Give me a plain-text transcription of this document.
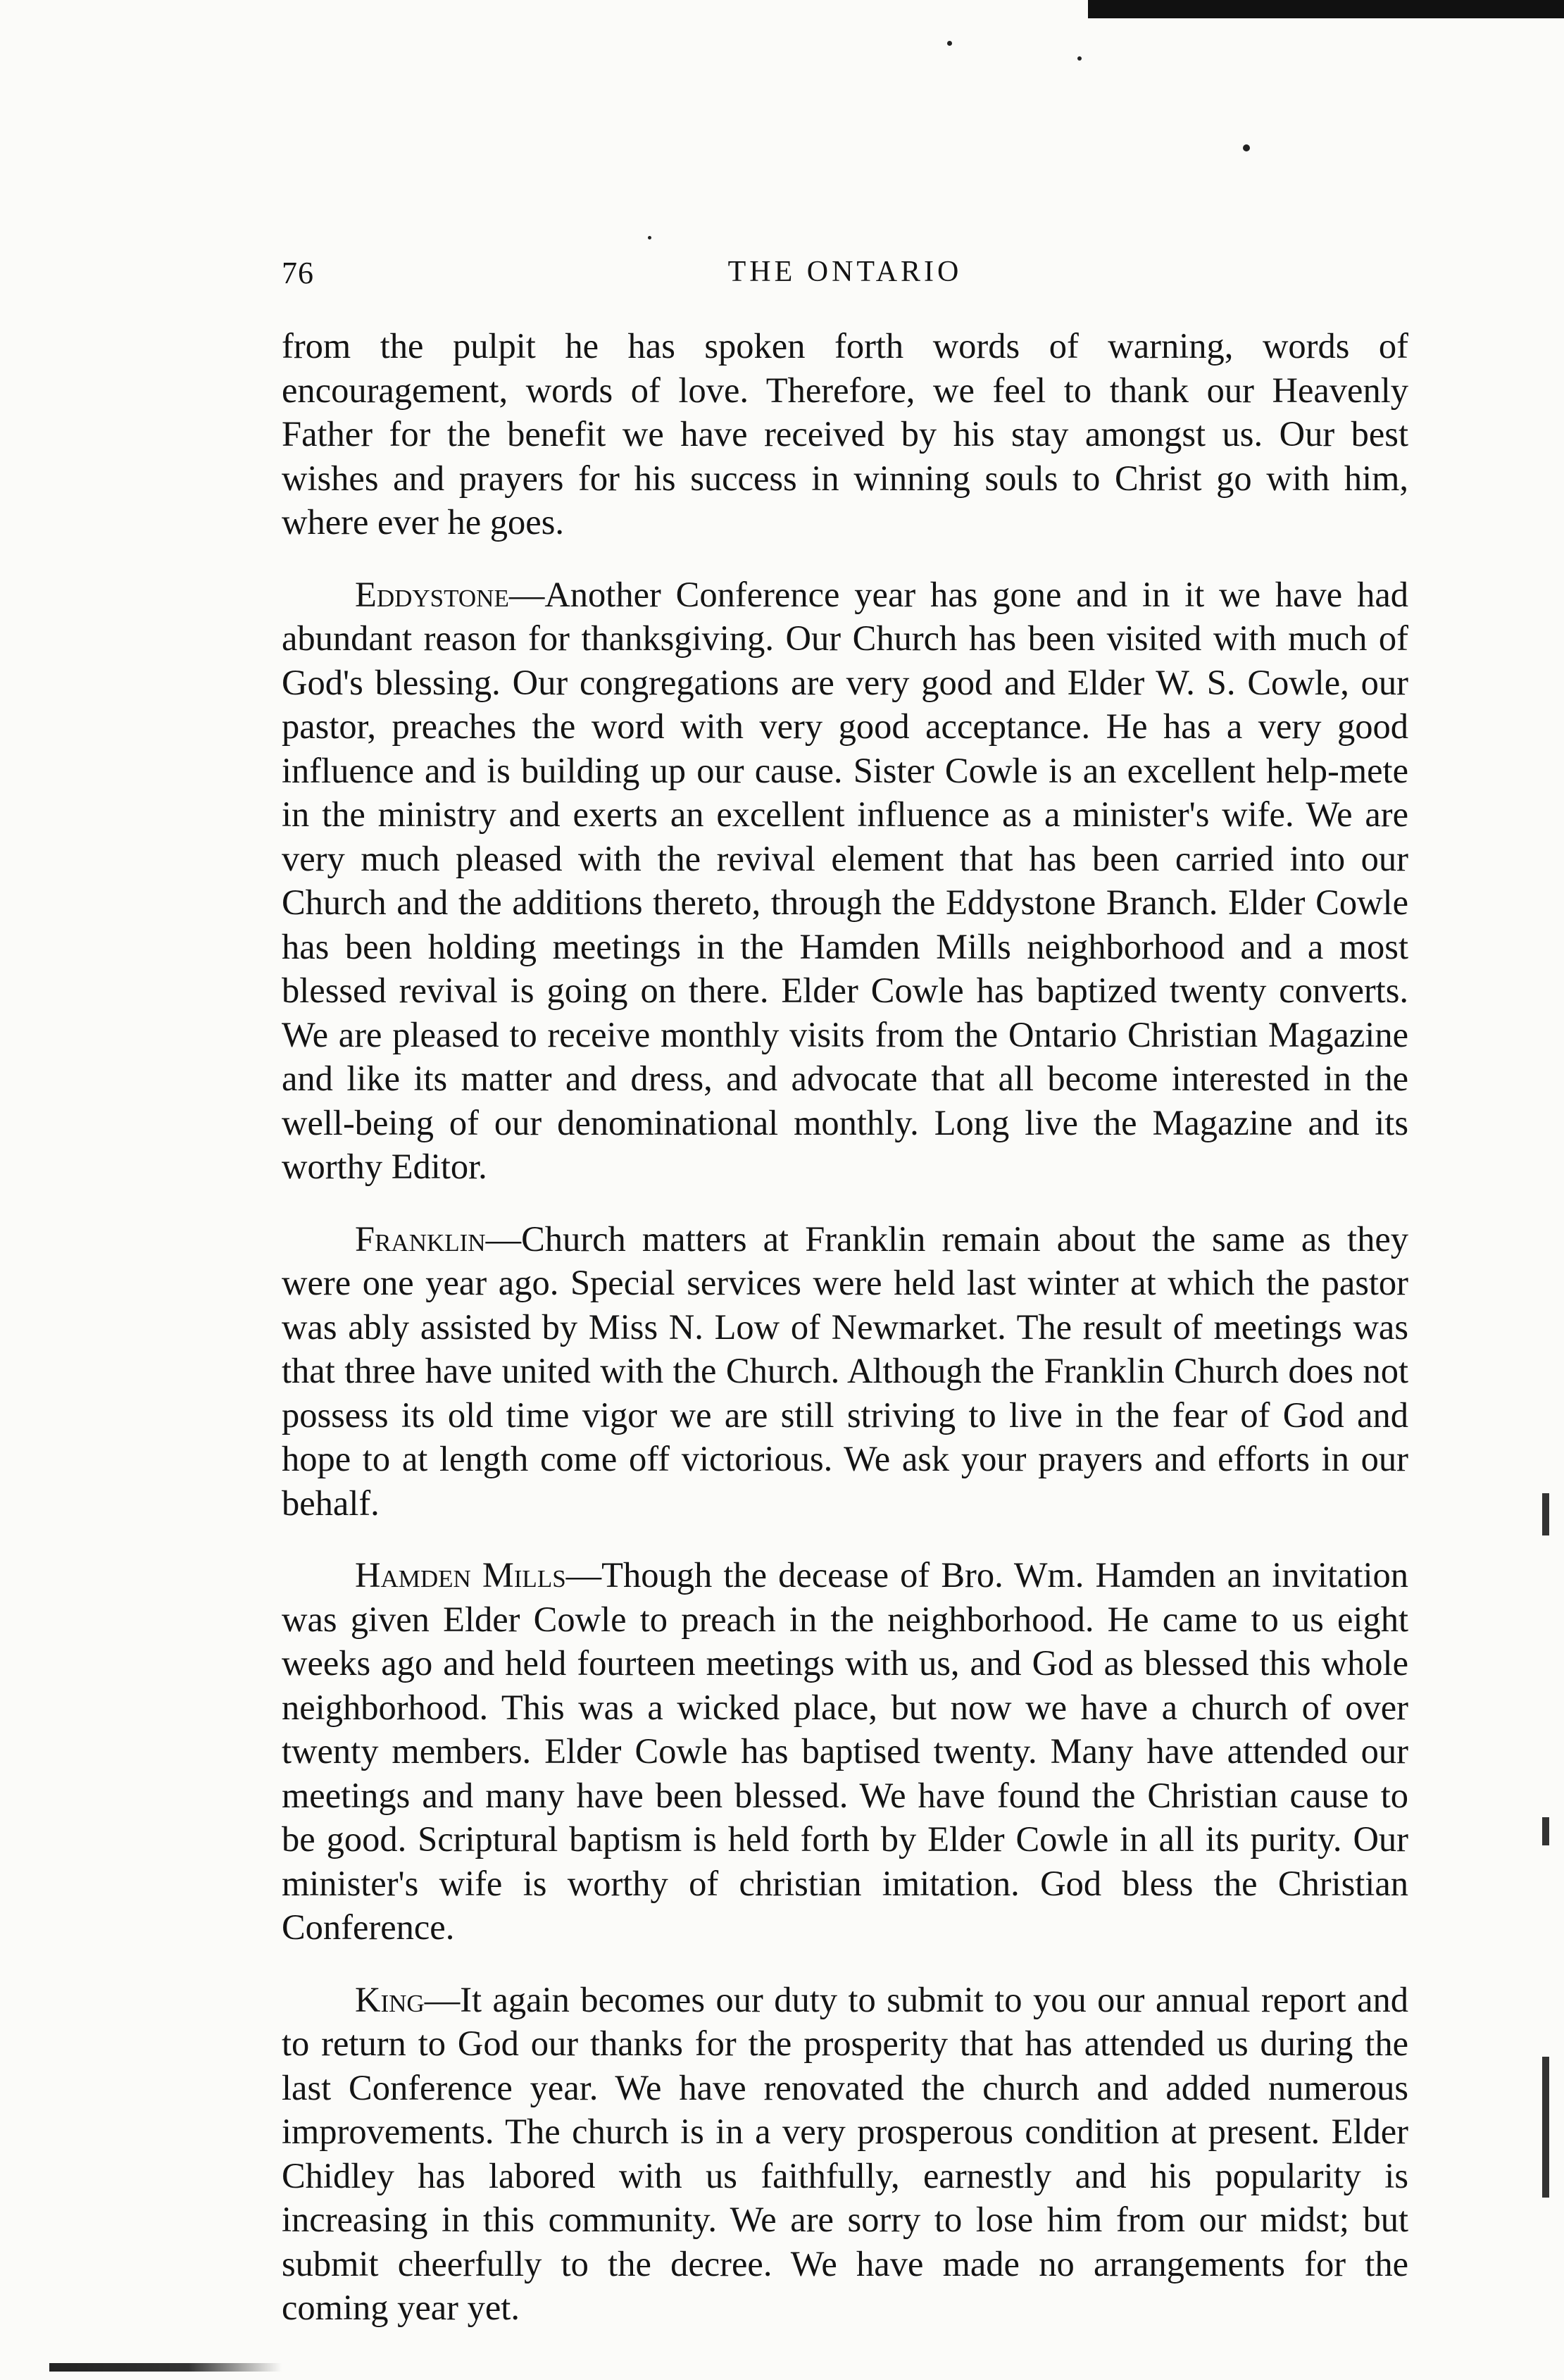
76	THE ONTARIO

from the pulpit he has spoken forth words of warning, words of encouragement, words of love. Therefore, we feel to thank our Heavenly Father for the benefit we have received by his stay amongst us. Our best wishes and prayers for his success in winning souls to Christ go with him, where ever he goes.

Eddystone—Another Conference year has gone and in it we have had abundant reason for thanksgiving. Our Church has been visited with much of God's blessing. Our congregations are very good and Elder W. S. Cowle, our pastor, preaches the word with very good acceptance. He has a very good influence and is building up our cause. Sister Cowle is an excellent help-mete in the ministry and exerts an excellent influence as a minister's wife. We are very much pleased with the revival element that has been carried into our Church and the additions thereto, through the Eddystone Branch. Elder Cowle has been holding meetings in the Hamden Mills neighborhood and a most blessed revival is going on there. Elder Cowle has baptized twenty converts. We are pleased to receive monthly visits from the Ontario Christian Magazine and like its matter and dress, and advocate that all become interested in the well-being of our denominational monthly. Long live the Magazine and its worthy Editor.

Franklin—Church matters at Franklin remain about the same as they were one year ago. Special services were held last winter at which the pastor was ably assisted by Miss N. Low of Newmarket. The result of meetings was that three have united with the Church. Although the Franklin Church does not possess its old time vigor we are still striving to live in the fear of God and hope to at length come off victorious. We ask your prayers and efforts in our behalf.

Hamden Mills—Though the decease of Bro. Wm. Hamden an invitation was given Elder Cowle to preach in the neighborhood. He came to us eight weeks ago and held fourteen meetings with us, and God as blessed this whole neighborhood. This was a wicked place, but now we have a church of over twenty members. Elder Cowle has baptised twenty. Many have attended our meetings and many have been blessed. We have found the Christian cause to be good. Scriptural baptism is held forth by Elder Cowle in all its purity. Our minister's wife is worthy of christian imitation. God bless the Christian Conference.

King—It again becomes our duty to submit to you our annual report and to return to God our thanks for the prosperity that has attended us during the last Conference year. We have renovated the church and added numerous improvements. The church is in a very prosperous condition at present. Elder Chidley has labored with us faithfully, earnestly and his popularity is increasing in this community. We are sorry to lose him from our midst; but submit cheerfully to the decree. We have made no arrangements for the coming year yet.
